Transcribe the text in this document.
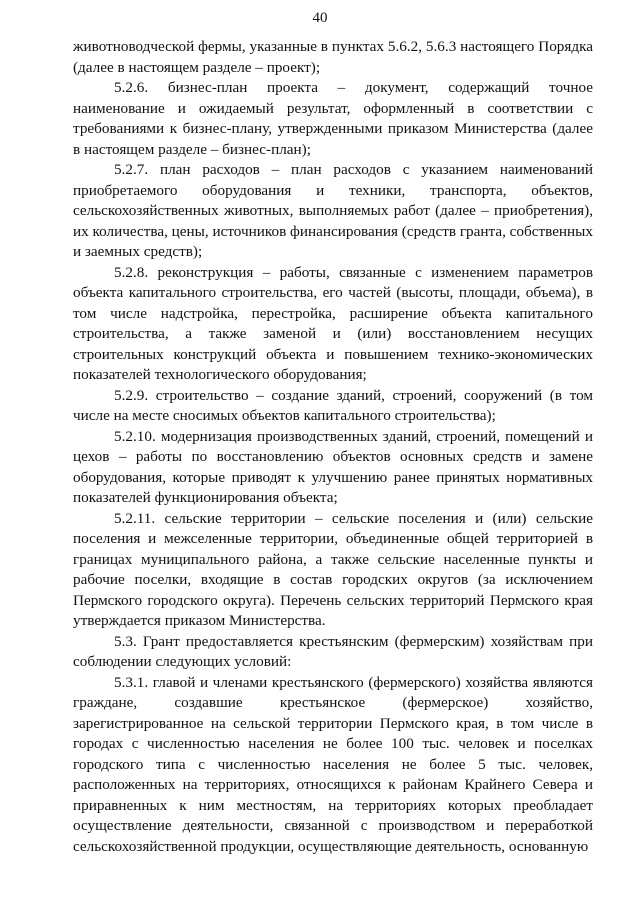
40

животноводческой фермы, указанные в пунктах 5.6.2, 5.6.3 настоящего Порядка (далее в настоящем разделе – проект);

5.2.6. бизнес-план проекта – документ, содержащий точное наименование и ожидаемый результат, оформленный в соответствии с требованиями к бизнес-плану, утвержденными приказом Министерства (далее в настоящем разделе – бизнес-план);

5.2.7. план расходов – план расходов с указанием наименований приобретаемого оборудования и техники, транспорта, объектов, сельскохозяйственных животных, выполняемых работ (далее – приобретения), их количества, цены, источников финансирования (средств гранта, собственных и заемных средств);

5.2.8. реконструкция – работы, связанные с изменением параметров объекта капитального строительства, его частей (высоты, площади, объема), в том числе надстройка, перестройка, расширение объекта капитального строительства, а также заменой и (или) восстановлением несущих строительных конструкций объекта и повышением технико-экономических показателей технологического оборудования;

5.2.9. строительство – создание зданий, строений, сооружений (в том числе на месте сносимых объектов капитального строительства);

5.2.10. модернизация производственных зданий, строений, помещений и цехов – работы по восстановлению объектов основных средств и замене оборудования, которые приводят к улучшению ранее принятых нормативных показателей функционирования объекта;

5.2.11. сельские территории – сельские поселения и (или) сельские поселения и межселенные территории, объединенные общей территорией в границах муниципального района, а также сельские населенные пункты и рабочие поселки, входящие в состав городских округов (за исключением Пермского городского округа). Перечень сельских территорий Пермского края утверждается приказом Министерства.

5.3. Грант предоставляется крестьянским (фермерским) хозяйствам при соблюдении следующих условий:

5.3.1. главой и членами крестьянского (фермерского) хозяйства являются граждане, создавшие крестьянское (фермерское) хозяйство, зарегистрированное на сельской территории Пермского края, в том числе в городах с численностью населения не более 100 тыс. человек и поселках городского типа с численностью населения не более 5 тыс. человек, расположенных на территориях, относящихся к районам Крайнего Севера и приравненных к ним местностям, на территориях которых преобладает осуществление деятельности, связанной с производством и переработкой сельскохозяйственной продукции, осуществляющие деятельность, основанную
